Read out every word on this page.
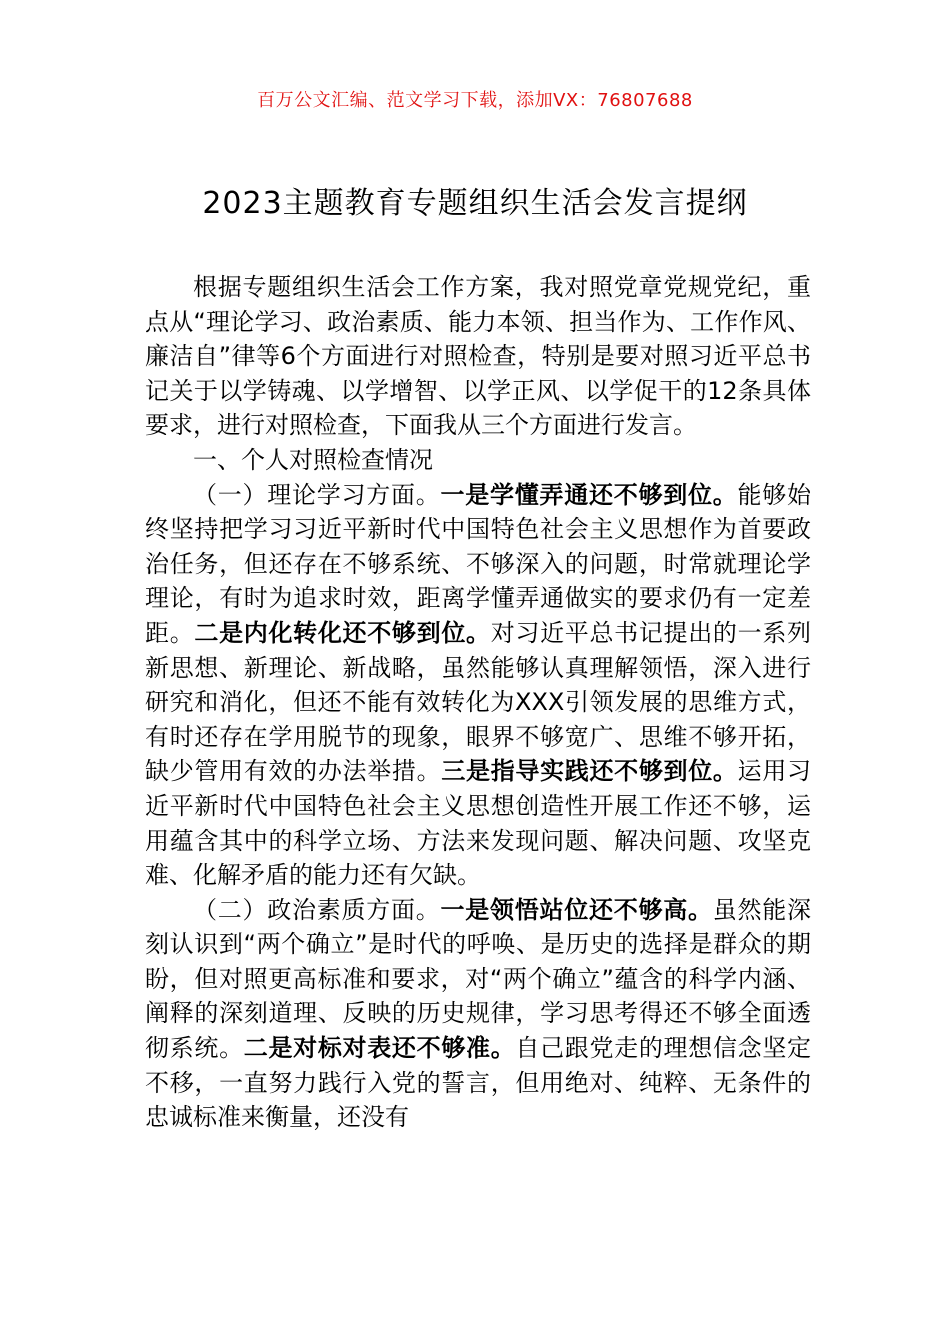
百万公文汇编、范文学习下载，添加VX：76807688
2023主题教育专题组织生活会发言提纲

根据专题组织生活会工作方案，我对照党章党规党纪，重点从“理论学习、政治素质、能力本领、担当作为、工作作风、廉洁自”律等6个方面进行对照检查，特别是要对照习近平总书记关于以学铸魂、以学增智、以学正风、以学促干的12条具体要求，进行对照检查，下面我从三个方面进行发言。

一、个人对照检查情况

（一）理论学习方面。一是学懂弄通还不够到位。能够始终坚持把学习习近平新时代中国特色社会主义思想作为首要政治任务，但还存在不够系统、不够深入的问题，时常就理论学理论，有时为追求时效，距离学懂弄通做实的要求仍有一定差距。二是内化转化还不够到位。对习近平总书记提出的一系列新思想、新理论、新战略，虽然能够认真理解领悟，深入进行研究和消化，但还不能有效转化为XXX引领发展的思维方式，有时还存在学用脱节的现象，眼界不够宽广、思维不够开拓，缺少管用有效的办法举措。三是指导实践还不够到位。运用习近平新时代中国特色社会主义思想创造性开展工作还不够，运用蕴含其中的科学立场、方法来发现问题、解决问题、攻坚克难、化解矛盾的能力还有欠缺。

（二）政治素质方面。一是领悟站位还不够高。虽然能深刻认识到“两个确立”是时代的呼唤、是历史的选择是群众的期盼，但对照更高标准和要求，对“两个确立”蕴含的科学内涵、阐释的深刻道理、反映的历史规律，学习思考得还不够全面透彻系统。二是对标对表还不够准。自己跟党走的理想信念坚定不移，一直努力践行入党的誓言，但用绝对、纯粹、无条件的忠诚标准来衡量，还没有
